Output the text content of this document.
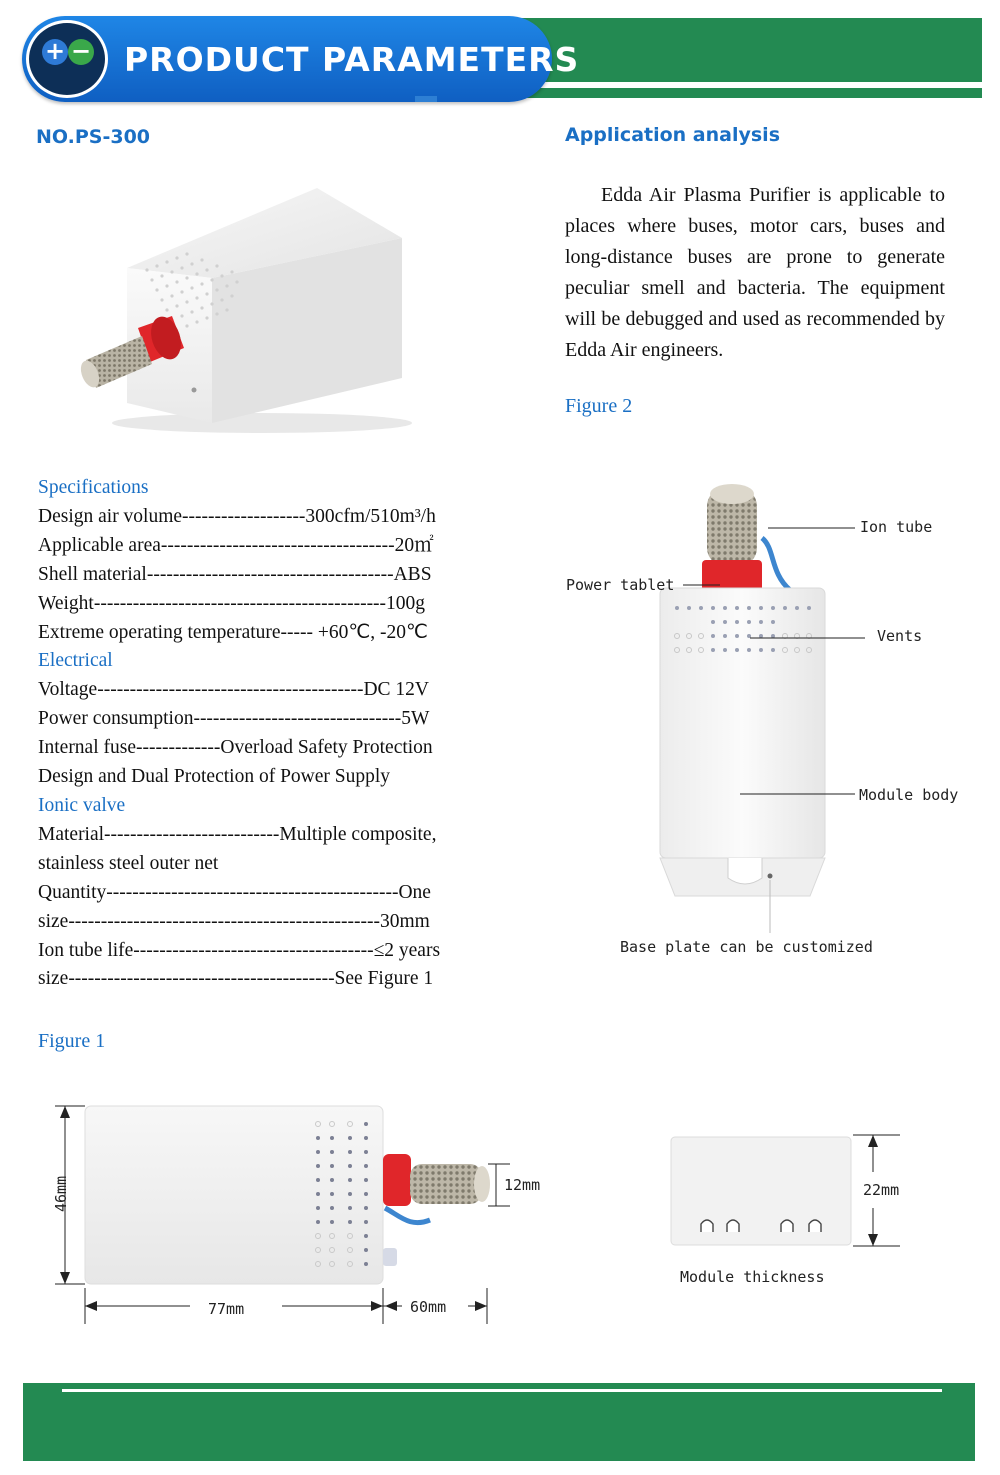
+ − PRODUCT PARAMETERS
NO.PS-300
Specifications
Design air volume-------------------300cfm/510m³/h
Applicable area------------------------------------20㎡
Shell material--------------------------------------ABS
Weight---------------------------------------------100g
Extreme operating temperature----- +60℃, -20℃
Electrical
Voltage-----------------------------------------DC 12V
Power consumption--------------------------------5W
Internal fuse-------------Overload Safety Protection Design and Dual Protection of Power Supply
Ionic valve
Material---------------------------Multiple composite, stainless steel outer net
Quantity---------------------------------------------One
size------------------------------------------------30mm
Ion tube life-------------------------------------≤2 years
size-----------------------------------------See Figure 1
Application analysis
Edda Air Plasma Purifier is applicable to places where buses, motor cars, buses and long-distance buses are prone to generate peculiar smell and bacteria. The equipment will be debugged and used as recommended by Edda Air engineers.
Figure 2
Ion tube
Power tablet
Vents
Module body
Base plate can be customized
Figure 1
46mm
77mm	60mm
12mm	22mm
Module thickness
